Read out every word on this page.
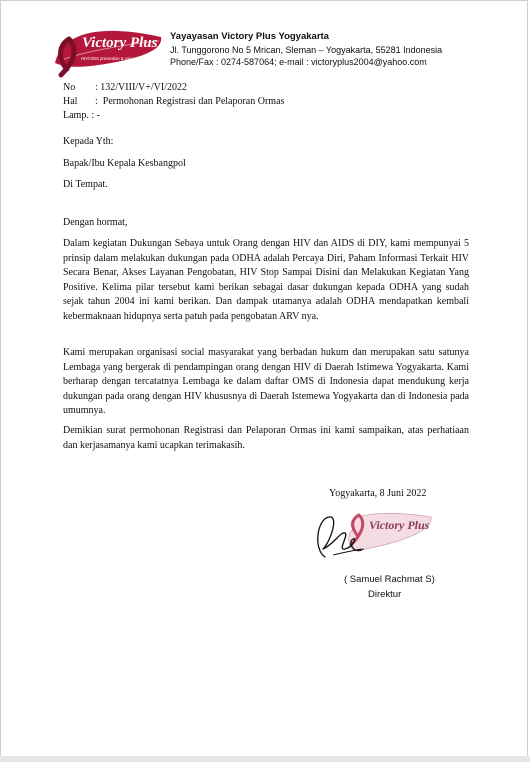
Victory Plus
HIV/AIDS prevention & care support
Yayayasan Victory Plus Yogyakarta
Jl. Tunggorono No 5 Mrican, Sleman – Yogyakarta, 55281 Indonesia
Phone/Fax : 0274-587064; e-mail : victoryplus2004@yahoo.com
No	: 132/VIII/V+/VI/2022
Hal	:  Permohonan Registrasi dan Pelaporan Ormas
Lamp. : -
Kepada Yth:
Bapak/Ibu Kepala Kesbangpol
Di Tempat.
Dengan hormat,
Dalam kegiatan Dukungan Sebaya untuk Orang dengan HIV dan AIDS di DIY, kami mempunyai 5 prinsip dalam melakukan dukungan pada ODHA adalah Percaya Diri, Paham Informasi Terkait HIV Secara Benar, Akses Layanan Pengobatan, HIV Stop Sampai Disini dan Melakukan Kegiatan Yang Positive. Kelima pilar tersebut kami berikan sebagai dasar dukungan kepada ODHA yang sudah sejak tahun 2004 ini kami berikan. Dan dampak utamanya adalah ODHA mendapatkan kembali kebermaknaan hidupnya serta patuh pada pengobatan ARV nya.
Kami merupakan organisasi social masyarakat yang berbadan hukum dan merupakan satu satunya Lembaga yang bergerak di pendampingan orang dengan HIV di Daerah Istimewa Yogyakarta. Kami berharap dengan tercatatnya Lembaga ke dalam daftar OMS di Indonesia dapat mendukung kerja dukungan pada orang dengan HIV khususnya di Daerah Istemewa Yogyakarta dan di Indonesia pada umumnya.
Demikian surat permohonan Registrasi dan Pelaporan Ormas ini kami sampaikan, atas perhatiaan dan kerjasamanya kami ucapkan terimakasih.
Yogyakarta, 8 Juni 2022
Victory Plus
( Samuel Rachmat S)
Direktur
